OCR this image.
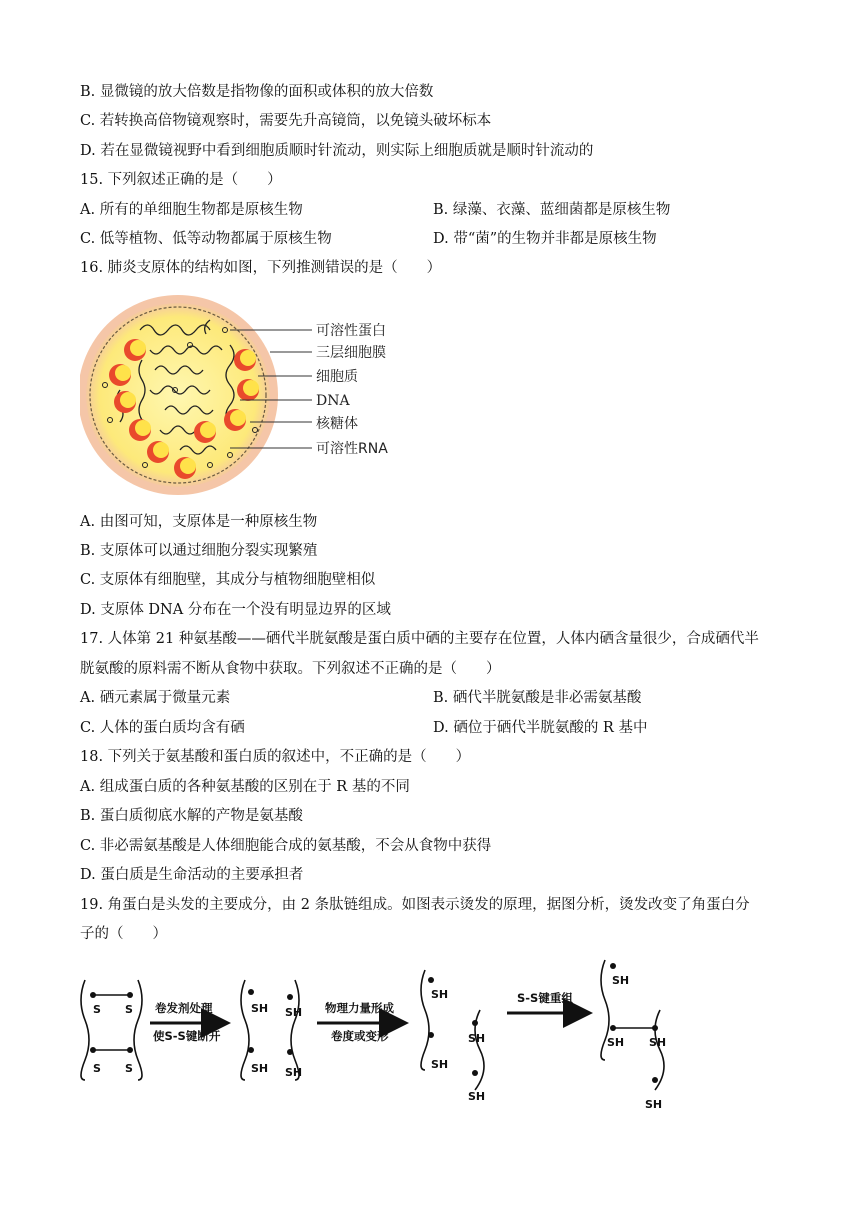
B. 显微镜的放大倍数是指物像的面积或体积的放大倍数
C. 若转换高倍物镜观察时，需要先升高镜筒，以免镜头破坏标本
D. 若在显微镜视野中看到细胞质顺时针流动，则实际上细胞质就是顺时针流动的
15. 下列叙述正确的是（　　）
A. 所有的单细胞生物都是原核生物	B. 绿藻、衣藻、蓝细菌都是原核生物
C. 低等植物、低等动物都属于原核生物	D. 带“菌”的生物并非都是原核生物
16. 肺炎支原体的结构如图，下列推测错误的是（　　）
可溶性蛋白
三层细胞膜
细胞质
DNA
核糖体
可溶性RNA
A. 由图可知，支原体是一种原核生物
B. 支原体可以通过细胞分裂实现繁殖
C. 支原体有细胞壁，其成分与植物细胞壁相似
D. 支原体 DNA 分布在一个没有明显边界的区域
17. 人体第 21 种氨基酸——硒代半胱氨酸是蛋白质中硒的主要存在位置，人体内硒含量很少，合成硒代半
胱氨酸的原料需不断从食物中获取。下列叙述不正确的是（　　）
A. 硒元素属于微量元素	B. 硒代半胱氨酸是非必需氨基酸
C. 人体的蛋白质均含有硒	D. 硒位于硒代半胱氨酸的 R 基中
18. 下列关于氨基酸和蛋白质的叙述中，不正确的是（　　）
A. 组成蛋白质的各种氨基酸的区别在于 R 基的不同
B. 蛋白质彻底水解的产物是氨基酸
C. 非必需氨基酸是人体细胞能合成的氨基酸，不会从食物中获得
D. 蛋白质是生命活动的主要承担者
19. 角蛋白是头发的主要成分，由 2 条肽链组成。如图表示烫发的原理，据图分析，烫发改变了角蛋白分
子的（　　）
S S
S S
SH
SH
SH
SH
SH
SH
SH
SH
SH
SH SH
SH
卷发剂处理
使S-S键断开
物理力量形成
卷度或变形
S-S键重组
